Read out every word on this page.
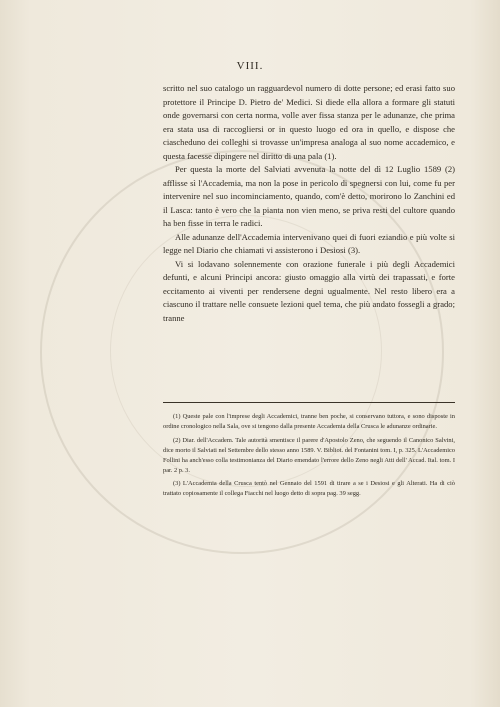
VIII.

scritto nel suo catalogo un ragguardevol numero di dotte persone; ed erasi fatto suo protettore il Principe D. Pietro de' Medici. Si diede ella allora a formare gli statuti onde governarsi con certa norma, volle aver fissa stanza per le adunanze, che prima era stata usa di raccogliersi or in questo luogo ed ora in quello, e dispose che ciascheduno dei colleghi si trovasse un'impresa analoga al suo nome accademico, e questa facesse dipingere nel diritto di una pala (1).

Per questa la morte del Salviati avvenuta la notte del dì 12 Luglio 1589 (2) afflisse sì l'Accademia, ma non la pose in pericolo di spegnersi con lui, come fu per intervenire nel suo incominciamento, quando, com'è detto, morirono lo Zanchini ed il Lasca: tanto è vero che la pianta non vien meno, se priva resti del cultore quando ha ben fisse in terra le radici.

Alle adunanze dell'Accademia intervenivano quei di fuori eziandio e più volte si legge nel Diario che chiamati vi assisterono i Desiosi (3).

Vi si lodavano solennemente con orazione funerale i più degli Accademici defunti, e alcuni Principi ancora: giusto omaggio alla virtù dei trapassati, e forte eccitamento ai viventi per rendersene degni ugualmente. Nel resto libero era a ciascuno il trattare nelle consuete lezioni quel tema, che più andato fossegli a grado; tranne

(1) Queste pale con l'imprese degli Accademici, tranne ben poche, si conservano tuttora, e sono disposte in ordine cronologico nella Sala, ove si tengono dalla presente Accademia della Crusca le adunanze ordinarie.

(2) Diar. dell'Accadem. Tale autorità smentisce il parere d'Apostolo Zeno, che seguendo il Canonico Salvini, dice morto il Salviati nel Settembre dello stesso anno 1589. V. Bibliot. del Fontanini tom. I, p. 325. L'Accademico Follini ha anch'esso colla testimonianza del Diario emendato l'errore dello Zeno negli Atti dell' Accad. Ital. tom. I par. 2 p. 3.

(3) L'Accademia della Crusca tentò nel Gennaio del 1591 di tirare a se i Desiosi e gli Alterati. Ha di ciò trattato copiosamente il collega Fiacchi nel luogo detto di sopra pag. 39 segg.
